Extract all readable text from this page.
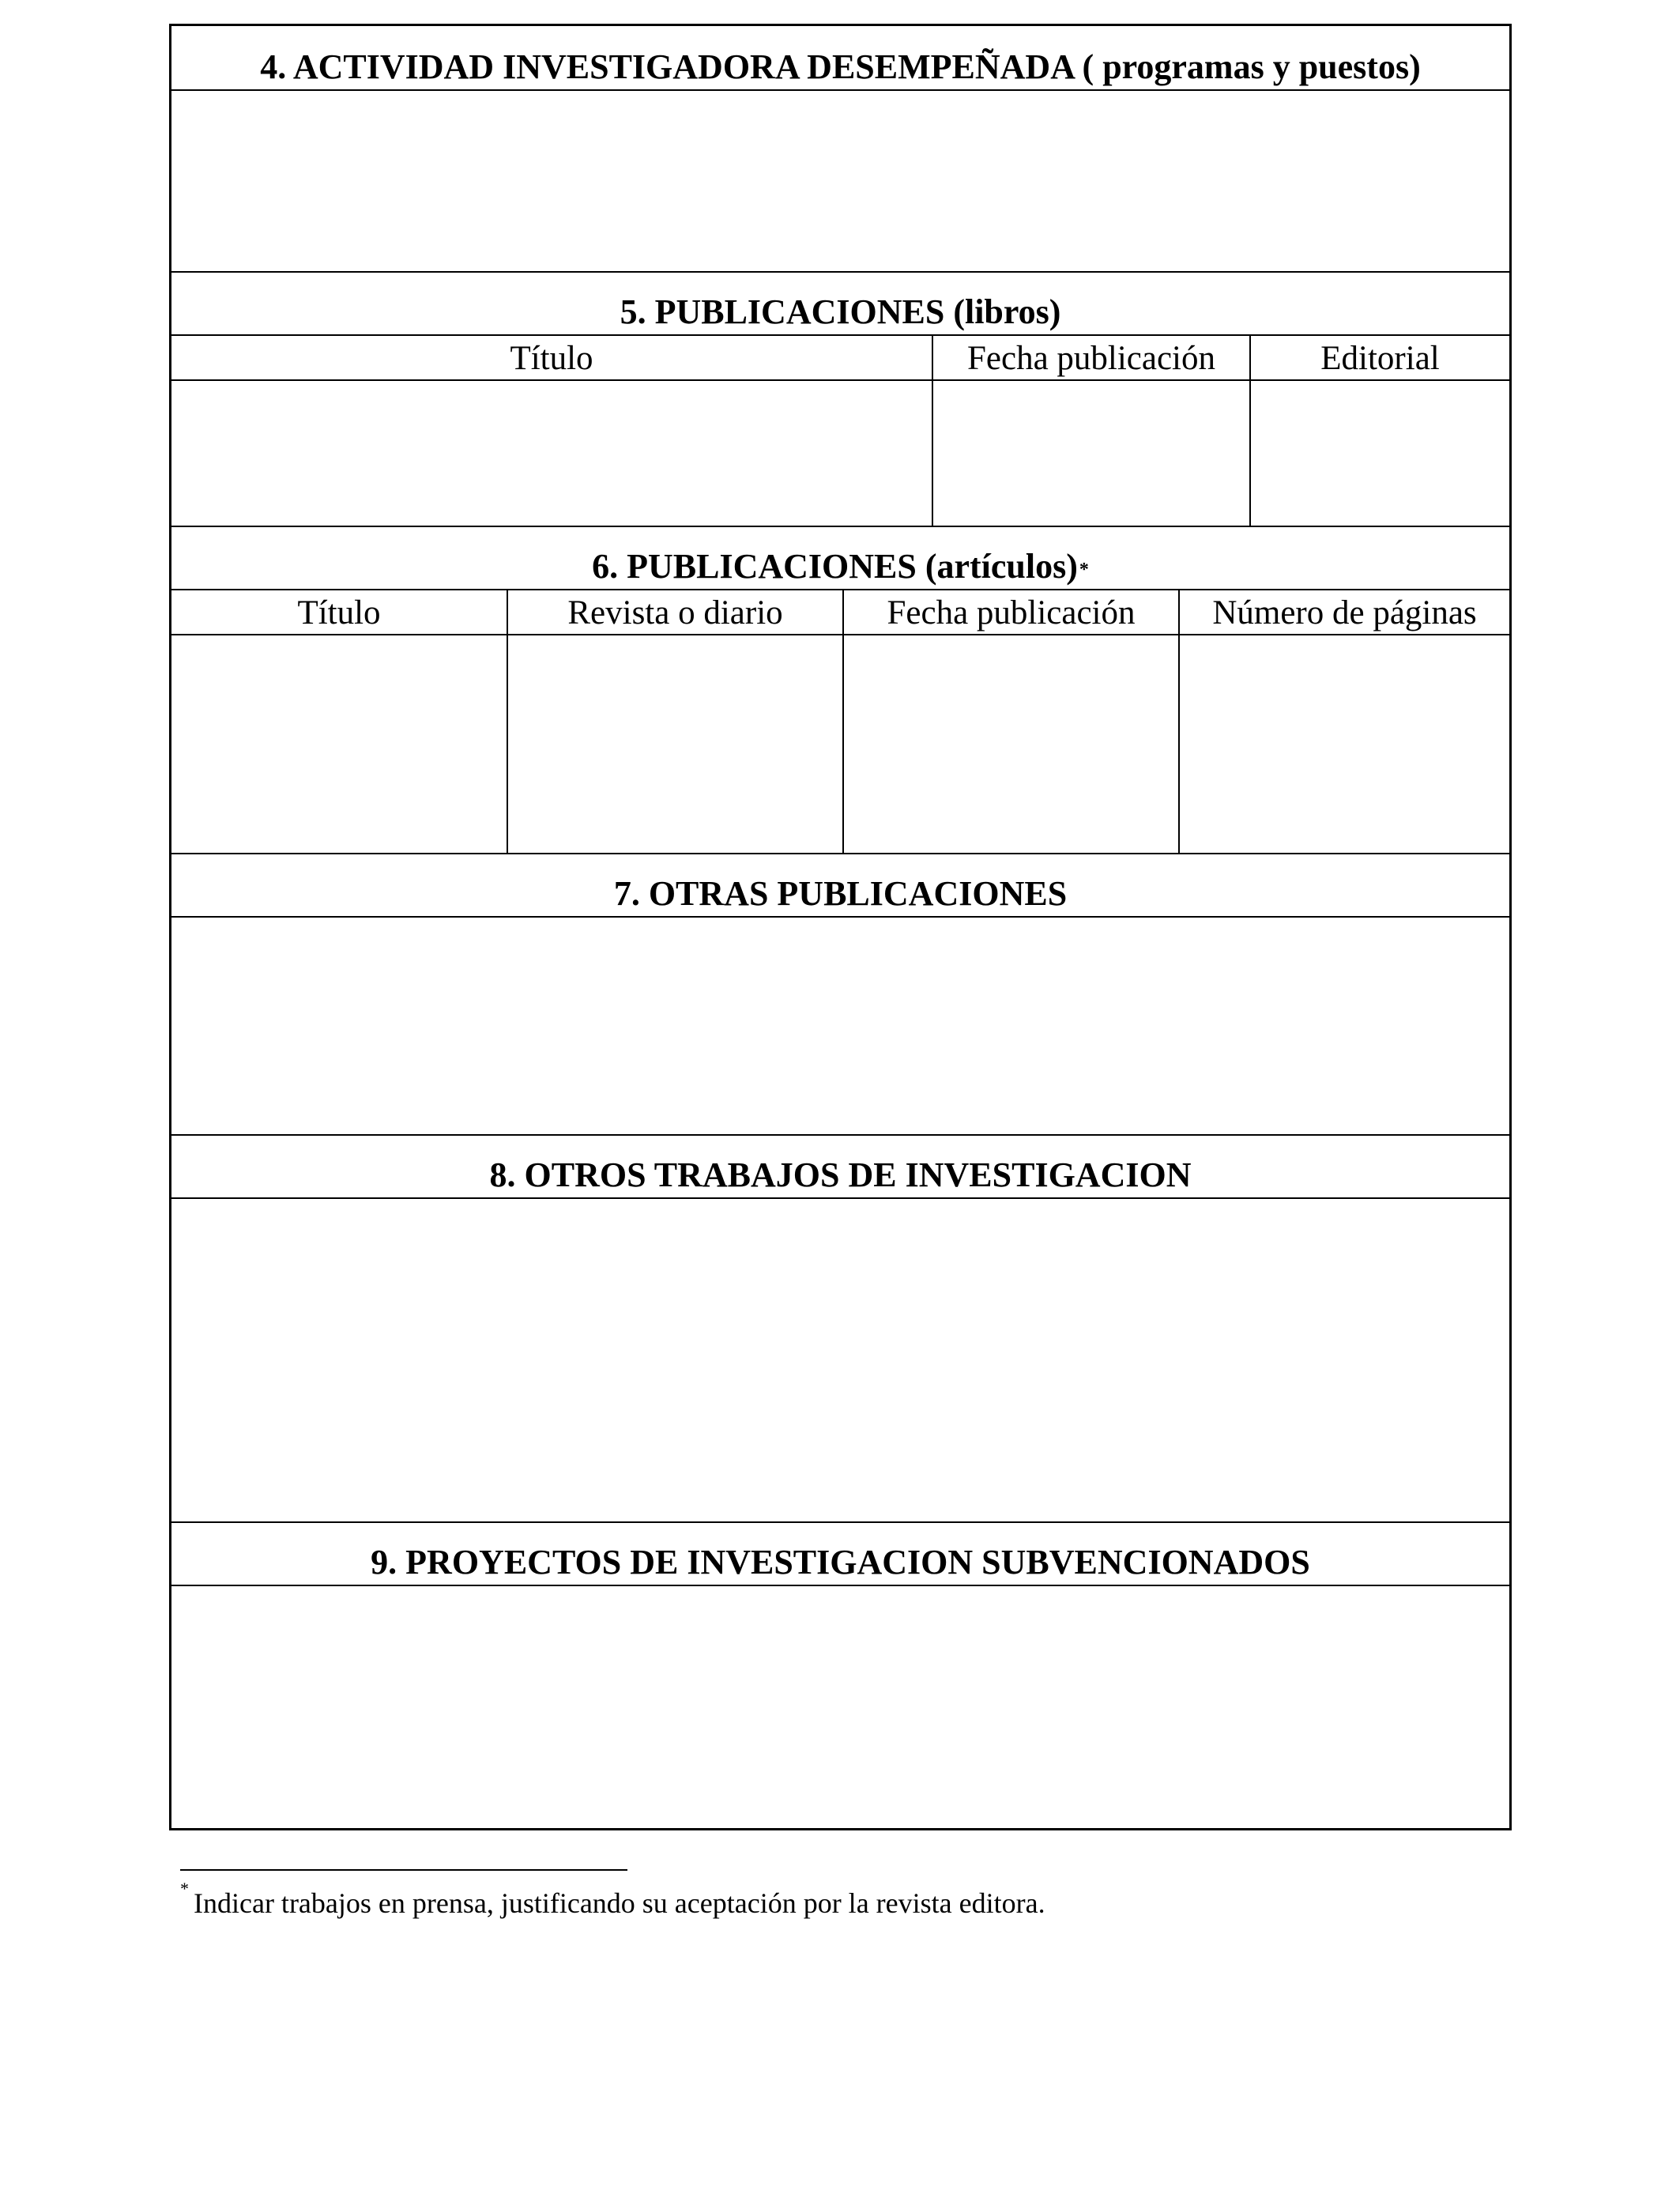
4. ACTIVIDAD INVESTIGADORA DESEMPEÑADA ( programas y puestos)
5. PUBLICACIONES (libros)
Título	Fecha publicación	Editorial
6. PUBLICACIONES (artículos)*
Título	Revista o diario	Fecha publicación	Número de páginas
7. OTRAS PUBLICACIONES
8. OTROS TRABAJOS DE INVESTIGACION
9. PROYECTOS DE INVESTIGACION SUBVENCIONADOS
* Indicar trabajos en prensa, justificando su aceptación por la revista editora.
